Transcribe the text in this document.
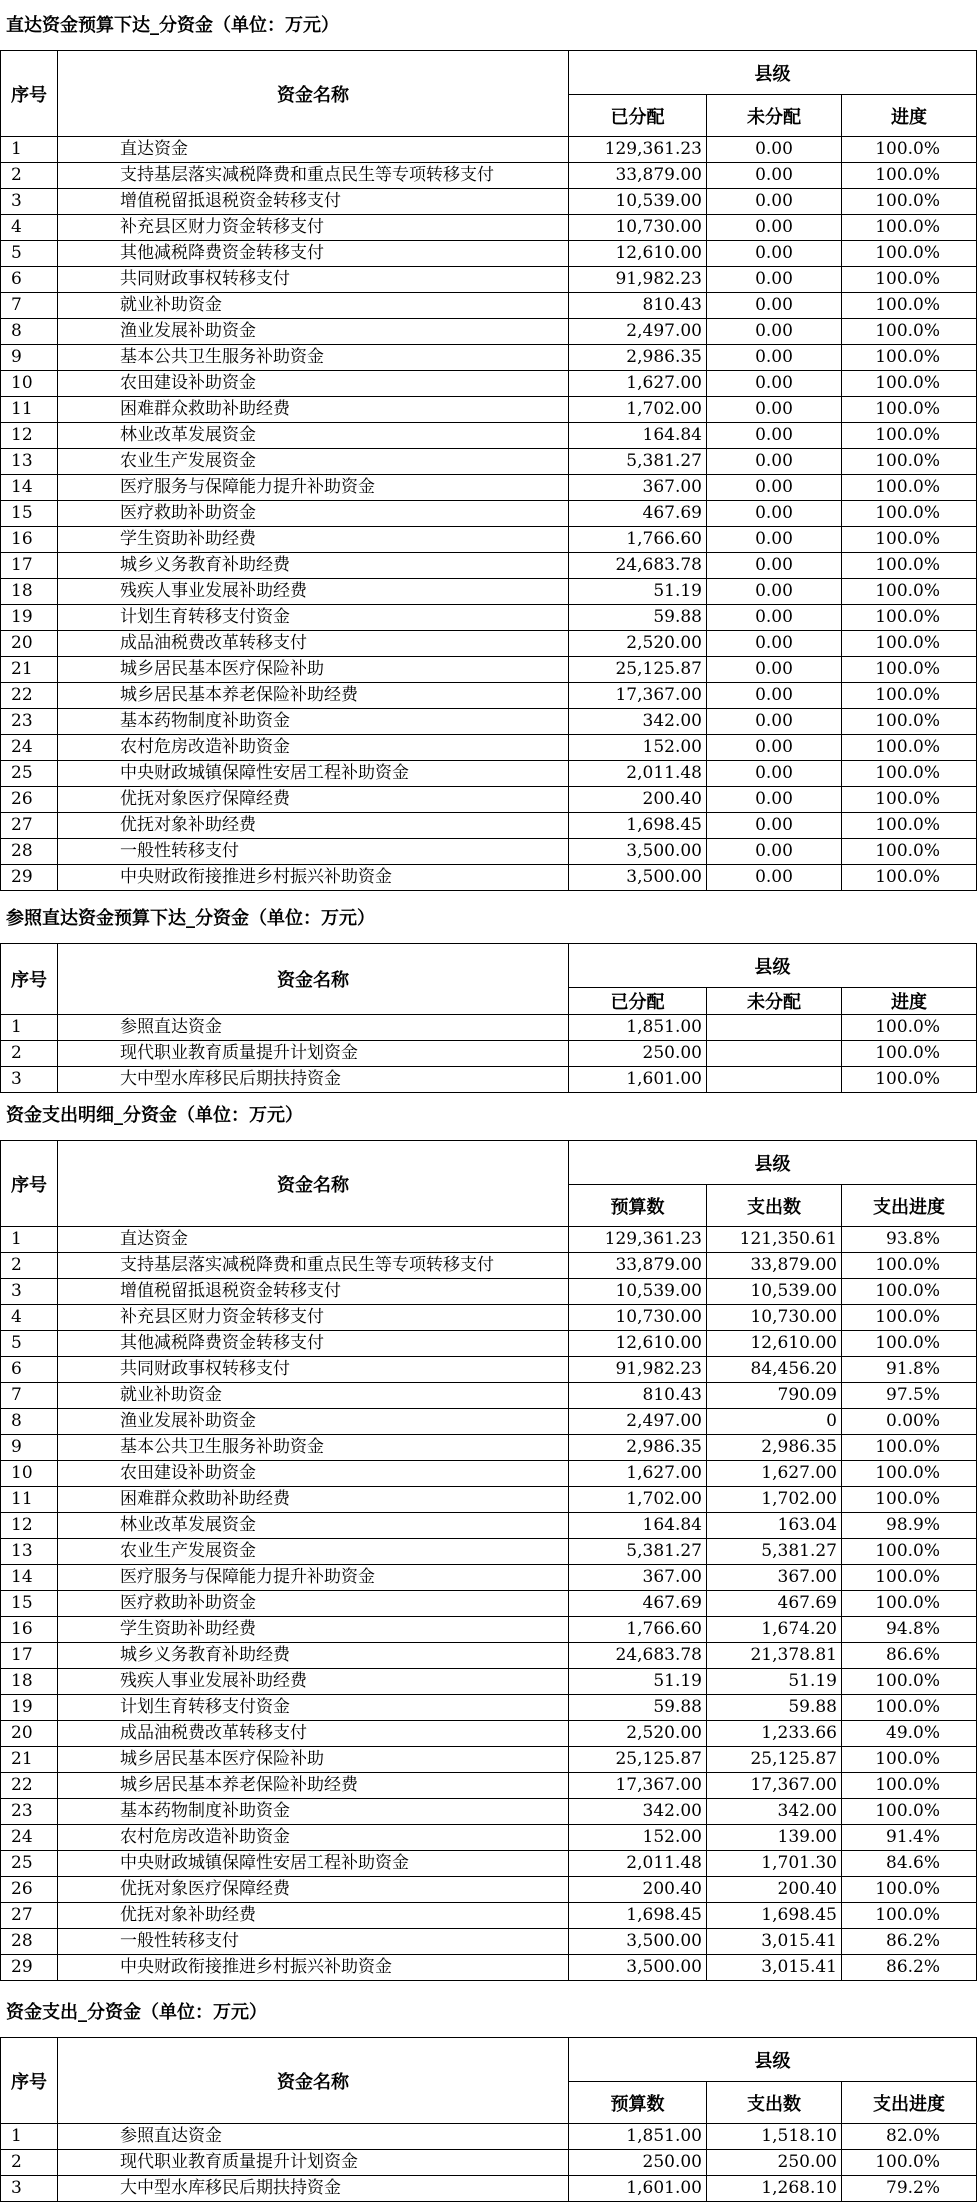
直达资金预算下达_分资金（单位：万元）
序号	资金名称	县级		
		已分配	未分配	进度
1	直达资金	129,361.23	0.00	100.0%
2	支持基层落实减税降费和重点民生等专项转移支付	33,879.00	0.00	100.0%
3	增值税留抵退税资金转移支付	10,539.00	0.00	100.0%
4	补充县区财力资金转移支付	10,730.00	0.00	100.0%
5	其他减税降费资金转移支付	12,610.00	0.00	100.0%
6	共同财政事权转移支付	91,982.23	0.00	100.0%
7	就业补助资金	810.43	0.00	100.0%
8	渔业发展补助资金	2,497.00	0.00	100.0%
9	基本公共卫生服务补助资金	2,986.35	0.00	100.0%
10	农田建设补助资金	1,627.00	0.00	100.0%
11	困难群众救助补助经费	1,702.00	0.00	100.0%
12	林业改革发展资金	164.84	0.00	100.0%
13	农业生产发展资金	5,381.27	0.00	100.0%
14	医疗服务与保障能力提升补助资金	367.00	0.00	100.0%
15	医疗救助补助资金	467.69	0.00	100.0%
16	学生资助补助经费	1,766.60	0.00	100.0%
17	城乡义务教育补助经费	24,683.78	0.00	100.0%
18	残疾人事业发展补助经费	51.19	0.00	100.0%
19	计划生育转移支付资金	59.88	0.00	100.0%
20	成品油税费改革转移支付	2,520.00	0.00	100.0%
21	城乡居民基本医疗保险补助	25,125.87	0.00	100.0%
22	城乡居民基本养老保险补助经费	17,367.00	0.00	100.0%
23	基本药物制度补助资金	342.00	0.00	100.0%
24	农村危房改造补助资金	152.00	0.00	100.0%
25	中央财政城镇保障性安居工程补助资金	2,011.48	0.00	100.0%
26	优抚对象医疗保障经费	200.40	0.00	100.0%
27	优抚对象补助经费	1,698.45	0.00	100.0%
28	一般性转移支付	3,500.00	0.00	100.0%
29	中央财政衔接推进乡村振兴补助资金	3,500.00	0.00	100.0%
参照直达资金预算下达_分资金（单位：万元）
序号	资金名称	县级		
		已分配	未分配	进度
1	参照直达资金	1,851.00		100.0%
2	现代职业教育质量提升计划资金	250.00		100.0%
3	大中型水库移民后期扶持资金	1,601.00		100.0%
资金支出明细_分资金（单位：万元）
序号	资金名称	县级		
		预算数	支出数	支出进度
1	直达资金	129,361.23	121,350.61	93.8%
2	支持基层落实减税降费和重点民生等专项转移支付	33,879.00	33,879.00	100.0%
3	增值税留抵退税资金转移支付	10,539.00	10,539.00	100.0%
4	补充县区财力资金转移支付	10,730.00	10,730.00	100.0%
5	其他减税降费资金转移支付	12,610.00	12,610.00	100.0%
6	共同财政事权转移支付	91,982.23	84,456.20	91.8%
7	就业补助资金	810.43	790.09	97.5%
8	渔业发展补助资金	2,497.00	0	0.00%
9	基本公共卫生服务补助资金	2,986.35	2,986.35	100.0%
10	农田建设补助资金	1,627.00	1,627.00	100.0%
11	困难群众救助补助经费	1,702.00	1,702.00	100.0%
12	林业改革发展资金	164.84	163.04	98.9%
13	农业生产发展资金	5,381.27	5,381.27	100.0%
14	医疗服务与保障能力提升补助资金	367.00	367.00	100.0%
15	医疗救助补助资金	467.69	467.69	100.0%
16	学生资助补助经费	1,766.60	1,674.20	94.8%
17	城乡义务教育补助经费	24,683.78	21,378.81	86.6%
18	残疾人事业发展补助经费	51.19	51.19	100.0%
19	计划生育转移支付资金	59.88	59.88	100.0%
20	成品油税费改革转移支付	2,520.00	1,233.66	49.0%
21	城乡居民基本医疗保险补助	25,125.87	25,125.87	100.0%
22	城乡居民基本养老保险补助经费	17,367.00	17,367.00	100.0%
23	基本药物制度补助资金	342.00	342.00	100.0%
24	农村危房改造补助资金	152.00	139.00	91.4%
25	中央财政城镇保障性安居工程补助资金	2,011.48	1,701.30	84.6%
26	优抚对象医疗保障经费	200.40	200.40	100.0%
27	优抚对象补助经费	1,698.45	1,698.45	100.0%
28	一般性转移支付	3,500.00	3,015.41	86.2%
29	中央财政衔接推进乡村振兴补助资金	3,500.00	3,015.41	86.2%
资金支出_分资金（单位：万元）
序号	资金名称	县级		
		预算数	支出数	支出进度
1	参照直达资金	1,851.00	1,518.10	82.0%
2	现代职业教育质量提升计划资金	250.00	250.00	100.0%
3	大中型水库移民后期扶持资金	1,601.00	1,268.10	79.2%
